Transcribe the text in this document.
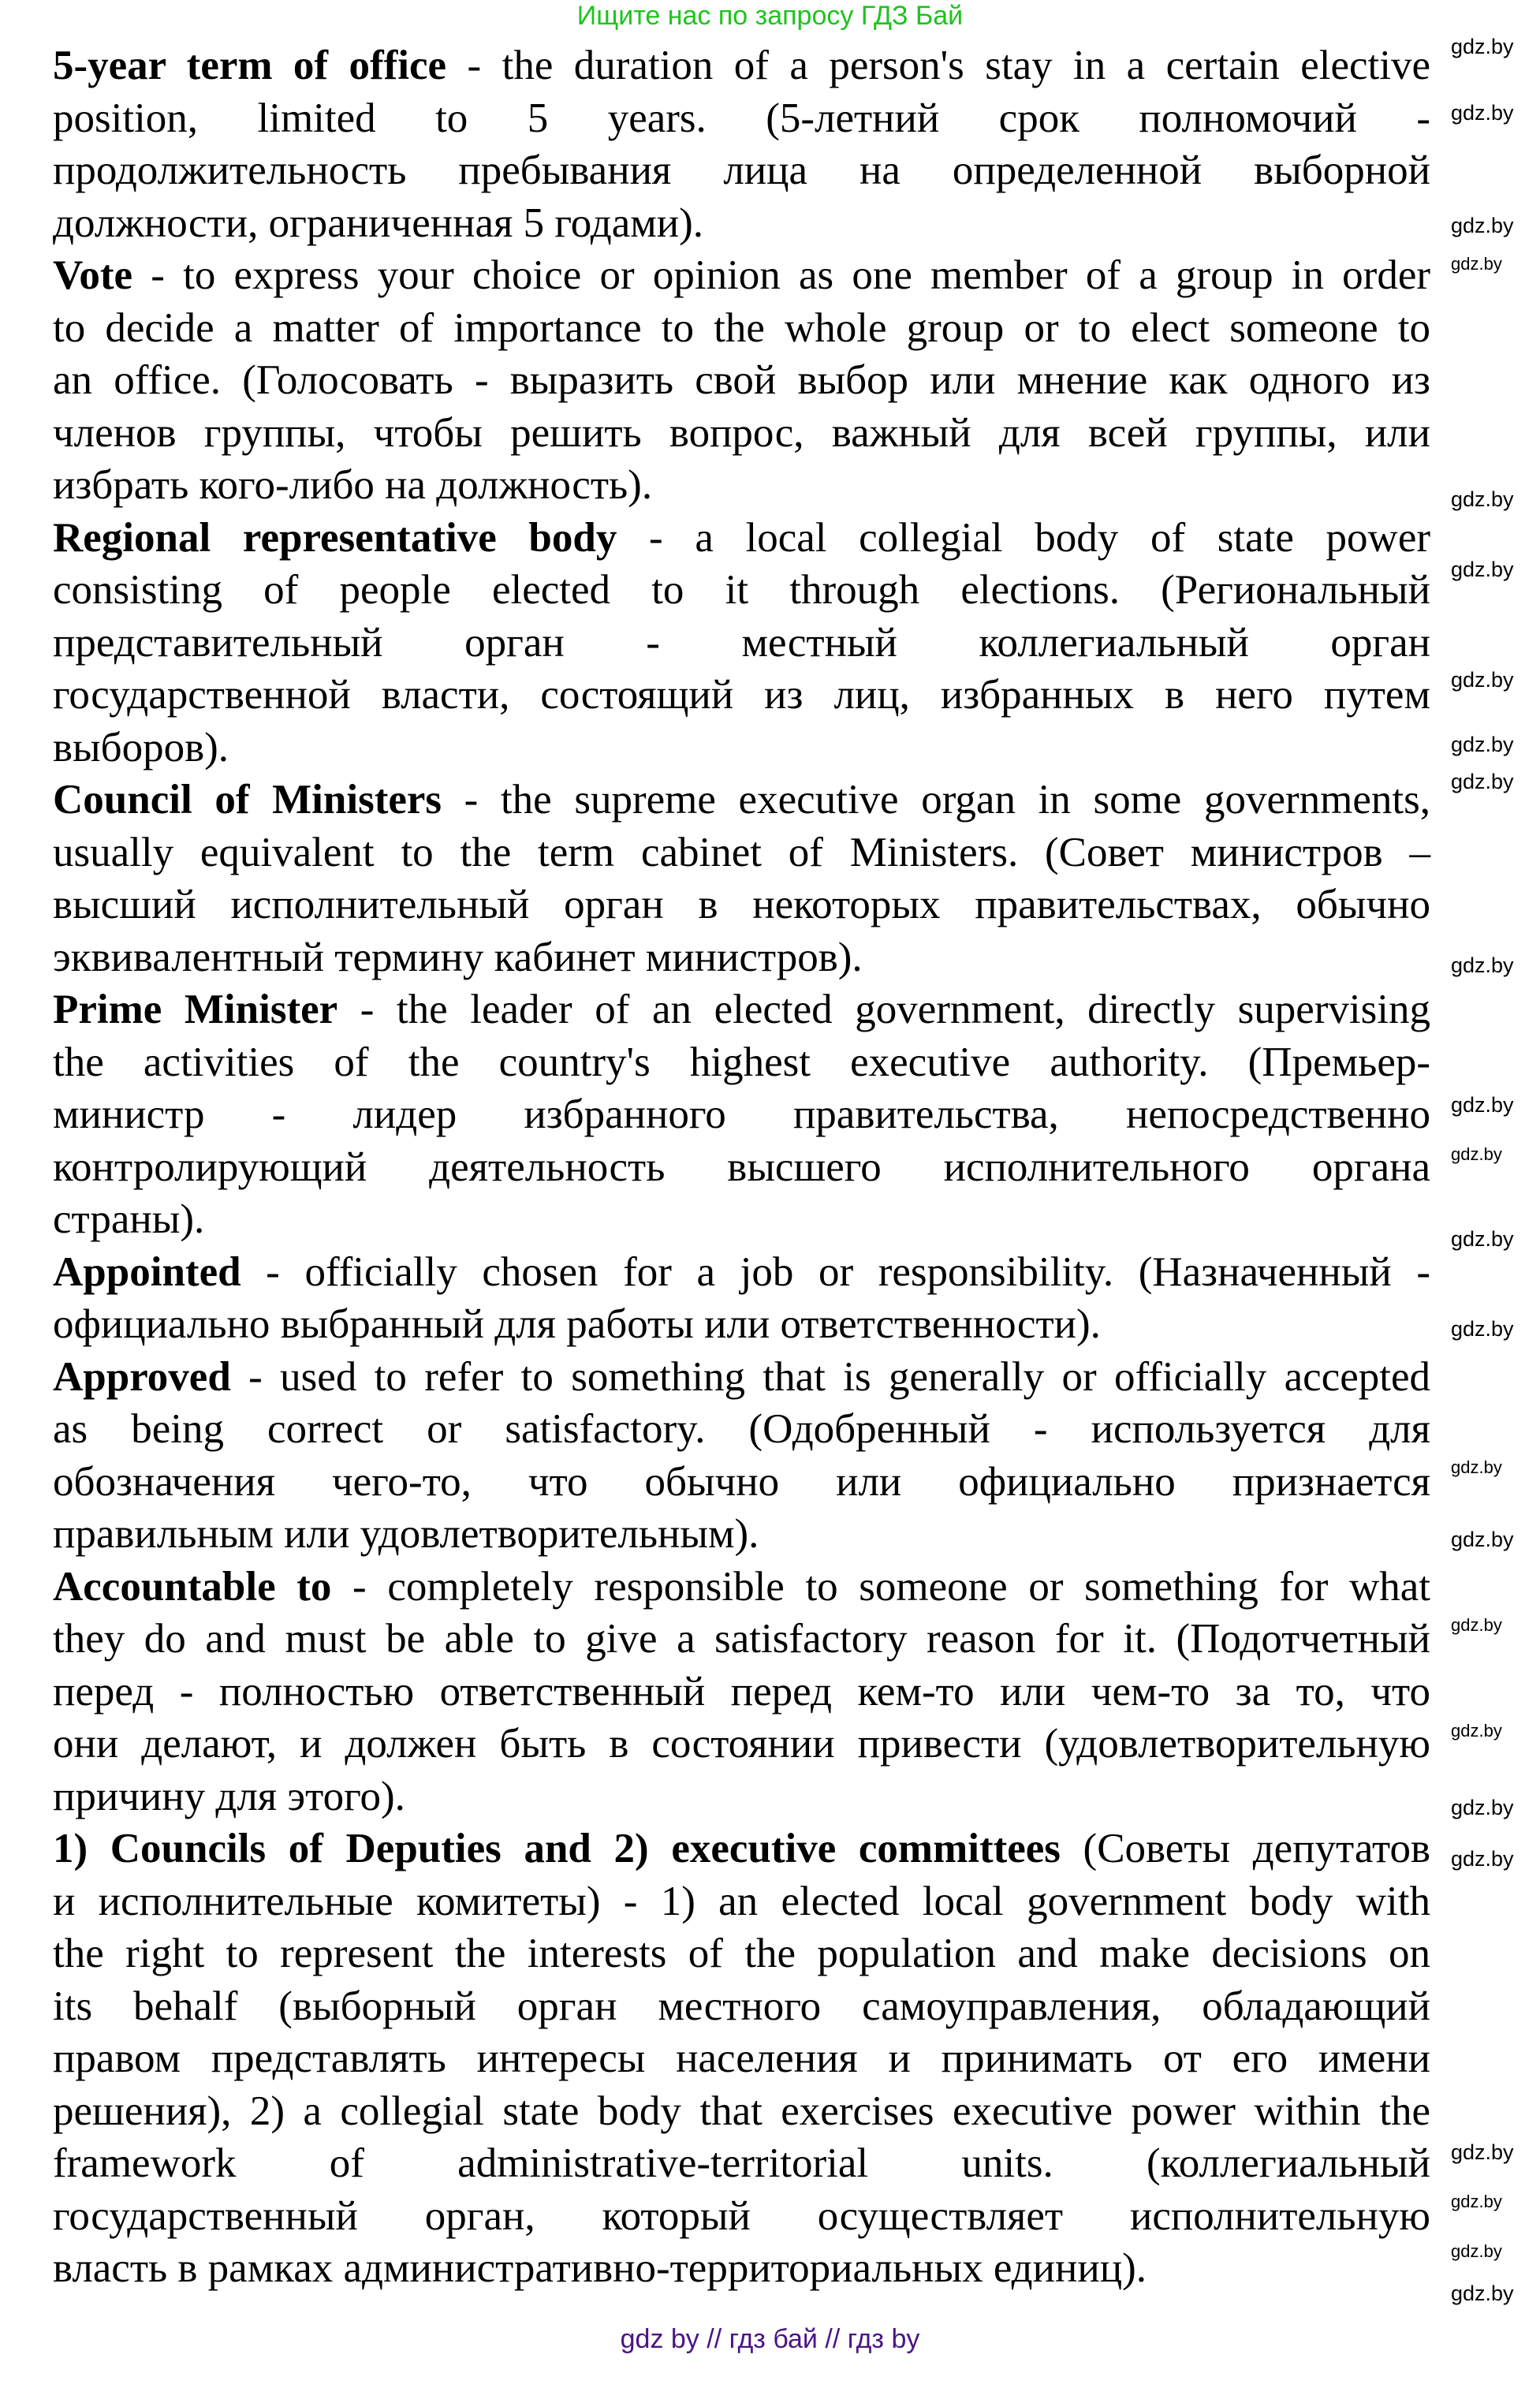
Ищите нас по запросу ГДЗ Бай
5-year term of office - the duration of a person's stay in a certain elective
position, limited to 5 years. (5-летний срок полномочий -
продолжительность пребывания лица на определенной выборной
должности, ограниченная 5 годами).
Vote - to express your choice or opinion as one member of a group in order
to decide a matter of importance to the whole group or to elect someone to
an office. (Голосовать - выразить свой выбор или мнение как одного из
членов группы, чтобы решить вопрос, важный для всей группы, или
избрать кого-либо на должность).
Regional representative body - a local collegial body of state power
consisting of people elected to it through elections. (Региональный
представительный орган - местный коллегиальный орган
государственной власти, состоящий из лиц, избранных в него путем
выборов).
Council of Ministers - the supreme executive organ in some governments,
usually equivalent to the term cabinet of Ministers. (Совет министров –
высший исполнительный орган в некоторых правительствах, обычно
эквивалентный термину кабинет министров).
Prime Minister - the leader of an elected government, directly supervising
the activities of the country's highest executive authority. (Премьер-
министр - лидер избранного правительства, непосредственно
контролирующий деятельность высшего исполнительного органа
страны).
Appointed - officially chosen for a job or responsibility. (Назначенный -
официально выбранный для работы или ответственности).
Approved - used to refer to something that is generally or officially accepted
as being correct or satisfactory. (Одобренный - используется для
обозначения чего-то, что обычно или официально признается
правильным или удовлетворительным).
Accountable to - completely responsible to someone or something for what
they do and must be able to give a satisfactory reason for it. (Подотчетный
перед - полностью ответственный перед кем-то или чем-то за то, что
они делают, и должен быть в состоянии привести (удовлетворительную
причину для этого).
1) Councils of Deputies and 2) executive committees (Советы депутатов
и исполнительные комитеты) - 1) an elected local government body with
the right to represent the interests of the population and make decisions on
its behalf (выборный орган местного самоуправления, обладающий
правом представлять интересы населения и принимать от его имени
решения), 2) a collegial state body that exercises executive power within the
framework of administrative-territorial units. (коллегиальный
государственный орган, который осуществляет исполнительную
власть в рамках административно-территориальных единиц).
gdz by // гдз бай // гдз by
gdz.by
gdz.by
gdz.by
gdz.by
gdz.by
gdz.by
gdz.by
gdz.by
gdz.by
gdz.by
gdz.by
gdz.by
gdz.by
gdz.by
gdz.by
gdz.by
gdz.by
gdz.by
gdz.by
gdz.by
gdz.by
gdz.by
gdz.by
gdz.by
